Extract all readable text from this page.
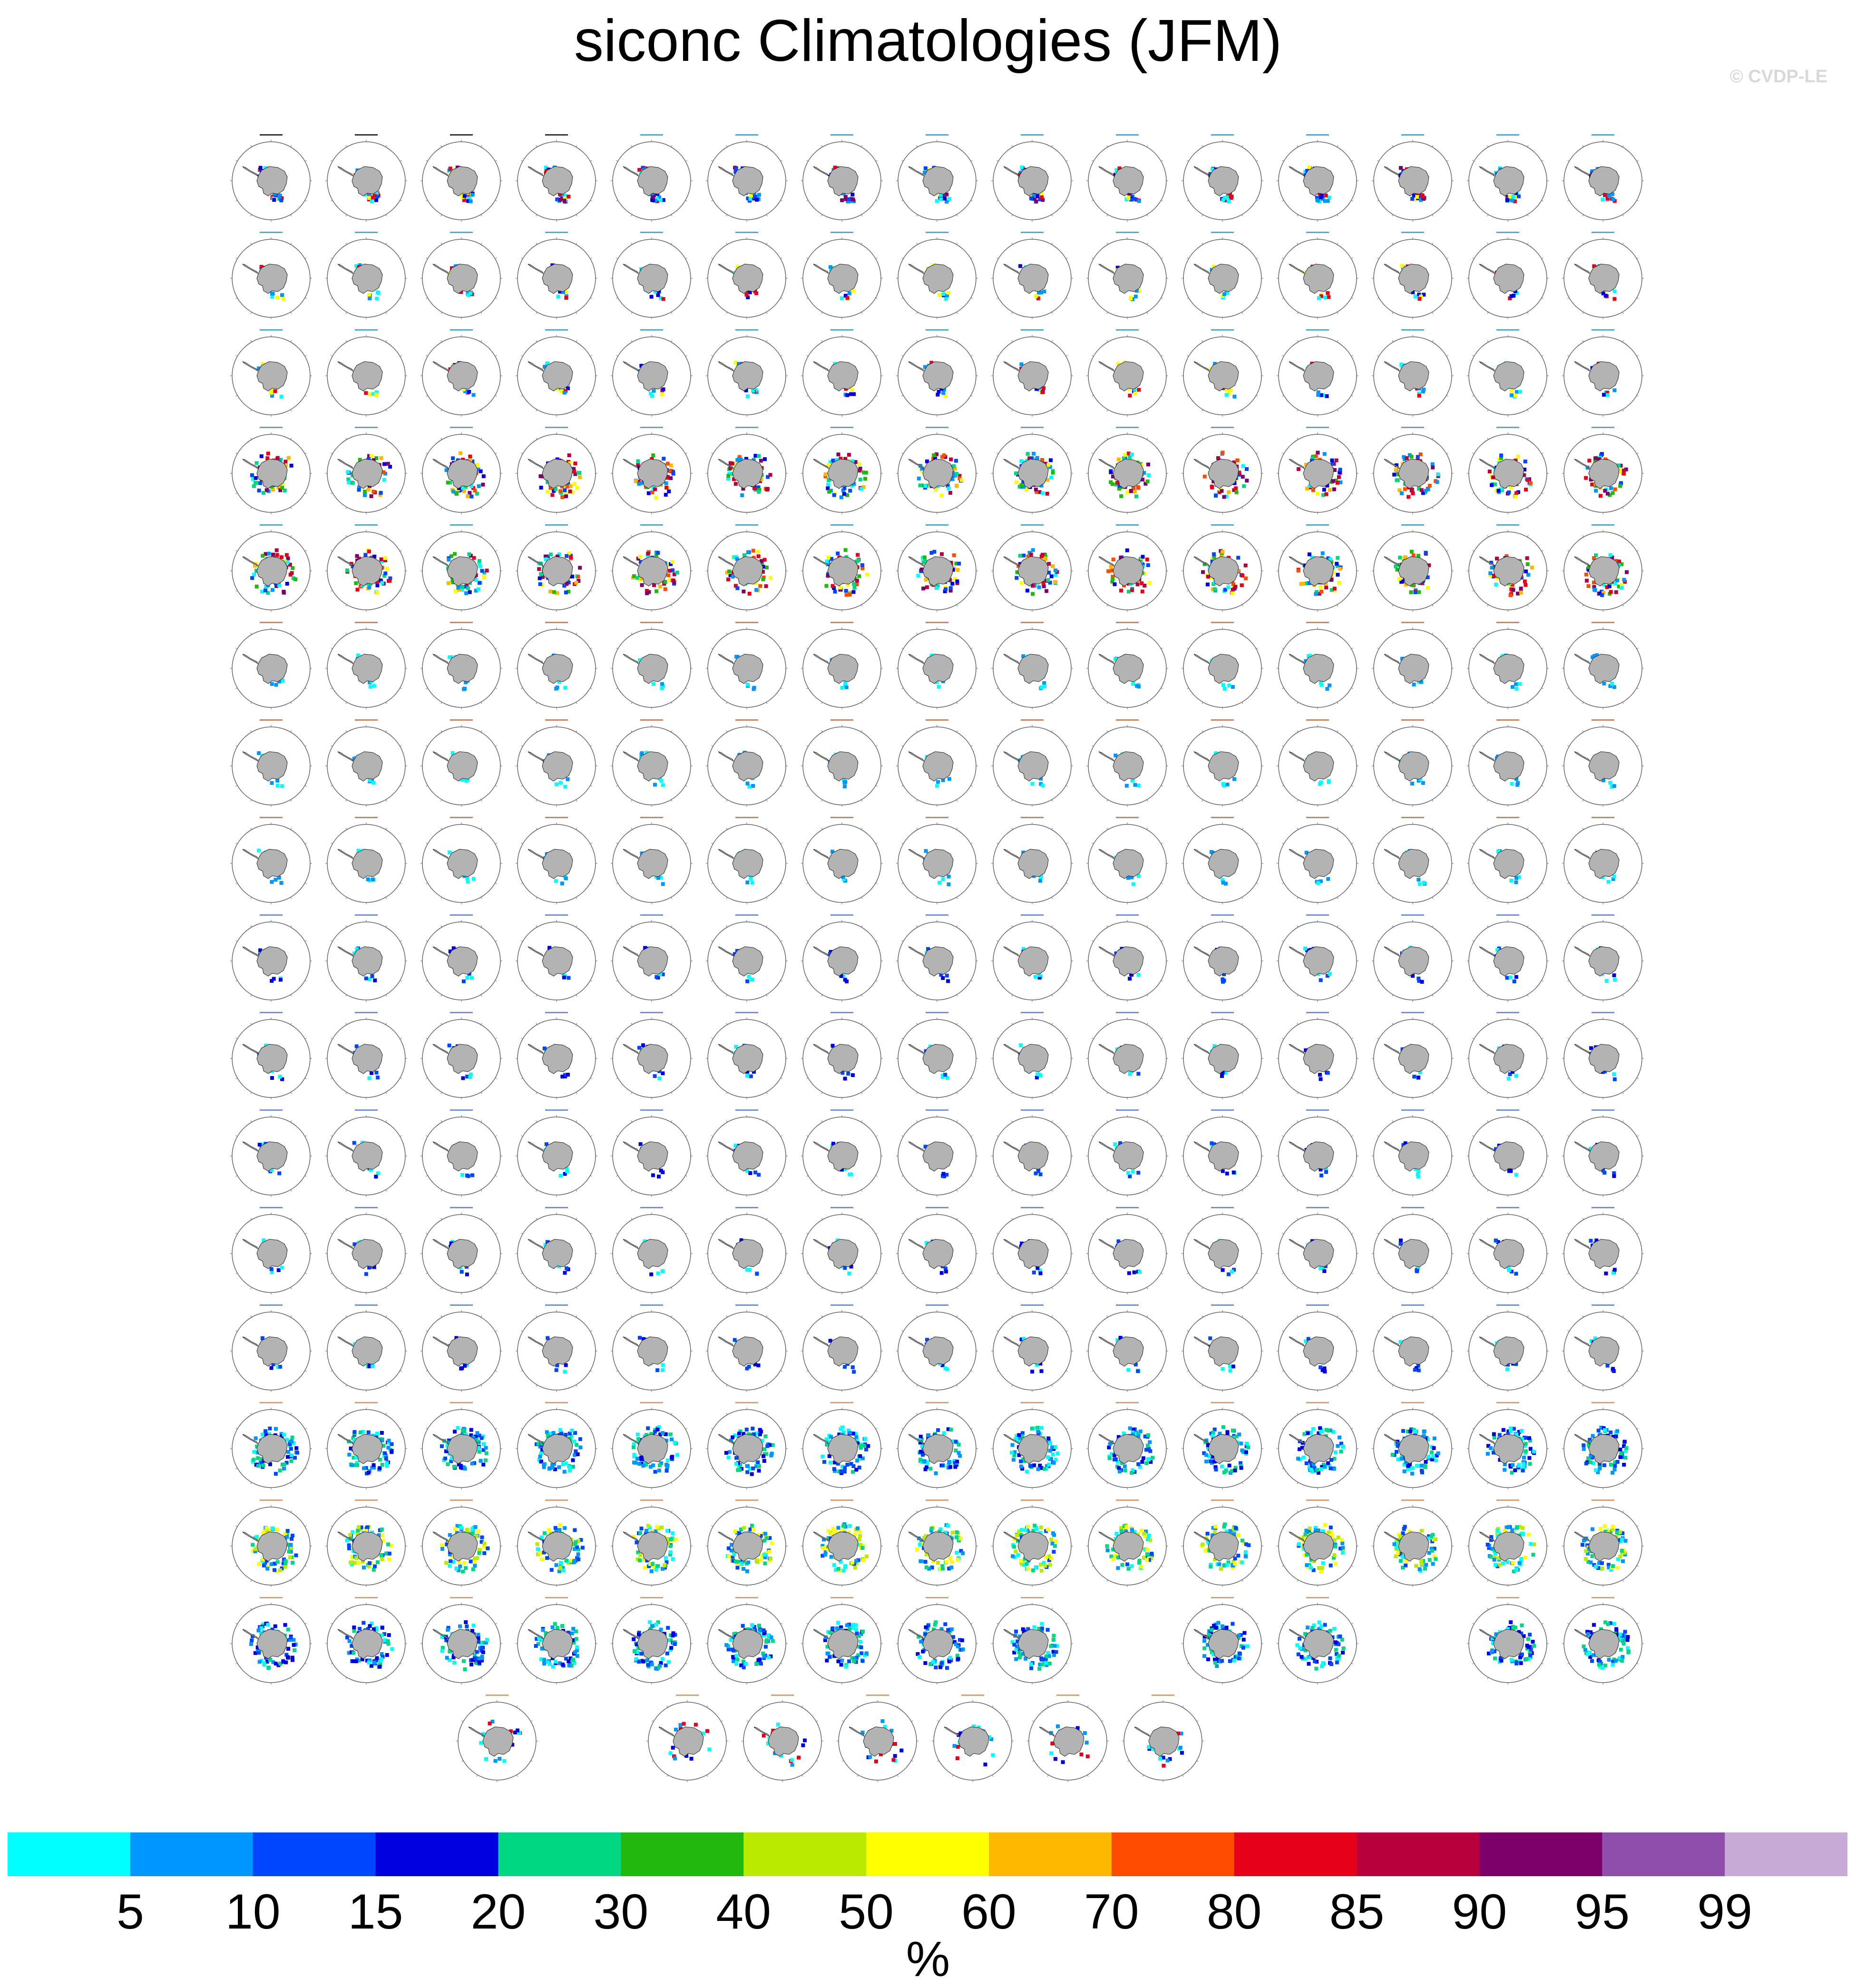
siconc Climatologies (JFM)
© CVDP-LE
5 10 15 20 30 40 50 60 70 80 85 90 95 99
%
